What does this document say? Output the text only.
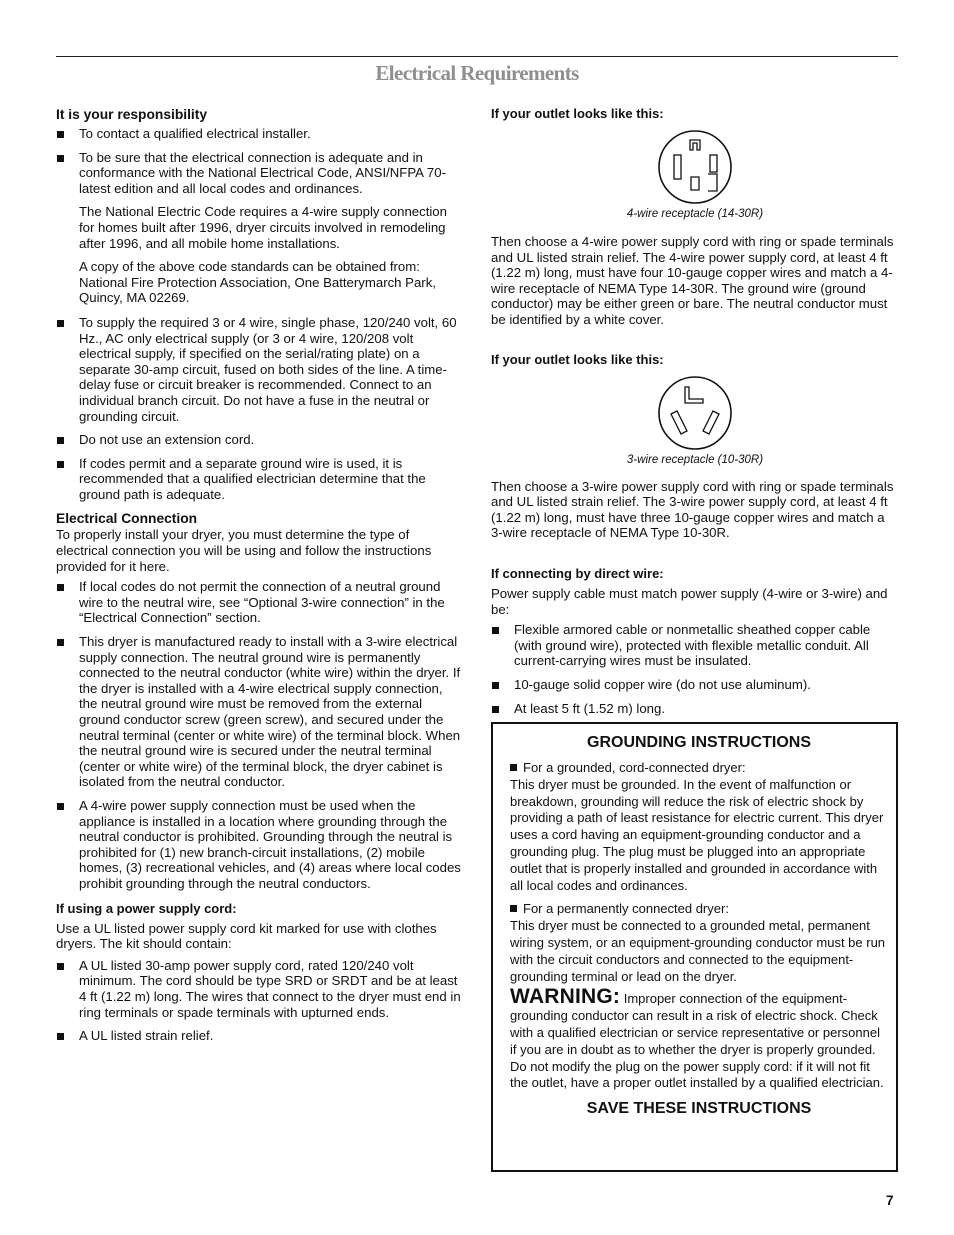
Electrical Requirements
It is your responsibility

To contact a qualified electrical installer.

To be sure that the electrical connection is adequate and in conformance with the National Electrical Code, ANSI/NFPA 70-latest edition and all local codes and ordinances.

The National Electric Code requires a 4-wire supply connection for homes built after 1996, dryer circuits involved in remodeling after 1996, and all mobile home installations.

A copy of the above code standards can be obtained from: National Fire Protection Association, One Batterymarch Park, Quincy, MA 02269.

To supply the required 3 or 4 wire, single phase, 120/240 volt, 60 Hz., AC only electrical supply (or 3 or 4 wire, 120/208 volt electrical supply, if specified on the serial/rating plate) on a separate 30-amp circuit, fused on both sides of the line. A time-delay fuse or circuit breaker is recommended. Connect to an individual branch circuit. Do not have a fuse in the neutral or grounding circuit.

Do not use an extension cord.

If codes permit and a separate ground wire is used, it is recommended that a qualified electrician determine that the ground path is adequate.

Electrical Connection

To properly install your dryer, you must determine the type of electrical connection you will be using and follow the instructions provided for it here.

If local codes do not permit the connection of a neutral ground wire to the neutral wire, see “Optional 3-wire connection” in the “Electrical Connection” section.

This dryer is manufactured ready to install with a 3-wire electrical supply connection. The neutral ground wire is permanently connected to the neutral conductor (white wire) within the dryer. If the dryer is installed with a 4-wire electrical supply connection, the neutral ground wire must be removed from the external ground conductor screw (green screw), and secured under the neutral terminal (center or white wire) of the terminal block. When the neutral ground wire is secured under the neutral terminal (center or white wire) of the terminal block, the dryer cabinet is isolated from the neutral conductor.

A 4-wire power supply connection must be used when the appliance is installed in a location where grounding through the neutral conductor is prohibited. Grounding through the neutral is prohibited for (1) new branch-circuit installations, (2) mobile homes, (3) recreational vehicles, and (4) areas where local codes prohibit grounding through the neutral conductors.

If using a power supply cord:

Use a UL listed power supply cord kit marked for use with clothes dryers. The kit should contain:

A UL listed 30-amp power supply cord, rated 120/240 volt minimum. The cord should be type SRD or SRDT and be at least 4 ft (1.22 m) long. The wires that connect to the dryer must end in ring terminals or spade terminals with upturned ends.

A UL listed strain relief.

If your outlet looks like this:

4-wire receptacle (14-30R)

Then choose a 4-wire power supply cord with ring or spade terminals and UL listed strain relief. The 4-wire power supply cord, at least 4 ft (1.22 m) long, must have four 10-gauge copper wires and match a 4-wire receptacle of NEMA Type 14-30R. The ground wire (ground conductor) may be either green or bare. The neutral conductor must be identified by a white cover.

If your outlet looks like this:

3-wire receptacle (10-30R)

Then choose a 3-wire power supply cord with ring or spade terminals and UL listed strain relief. The 3-wire power supply cord, at least 4 ft (1.22 m) long, must have three 10-gauge copper wires and match a 3-wire receptacle of NEMA Type 10-30R.

If connecting by direct wire:

Power supply cable must match power supply (4-wire or 3-wire) and be:

Flexible armored cable or nonmetallic sheathed copper cable (with ground wire), protected with flexible metallic conduit. All current-carrying wires must be insulated.

10-gauge solid copper wire (do not use aluminum).

At least 5 ft (1.52 m) long.

GROUNDING INSTRUCTIONS

For a grounded, cord-connected dryer:

This dryer must be grounded. In the event of malfunction or breakdown, grounding will reduce the risk of electric shock by providing a path of least resistance for electric current. This dryer uses a cord having an equipment-grounding conductor and a grounding plug. The plug must be plugged into an appropriate outlet that is properly installed and grounded in accordance with all local codes and ordinances.

For a permanently connected dryer:

This dryer must be connected to a grounded metal, permanent wiring system, or an equipment-grounding conductor must be run with the circuit conductors and connected to the equipment-grounding terminal or lead on the dryer.

WARNING: Improper connection of the equipment-grounding conductor can result in a risk of electric shock. Check with a qualified electrician or service representative or personnel if you are in doubt as to whether the dryer is properly grounded. Do not modify the plug on the power supply cord: if it will not fit the outlet, have a proper outlet installed by a qualified electrician.

SAVE THESE INSTRUCTIONS
7
